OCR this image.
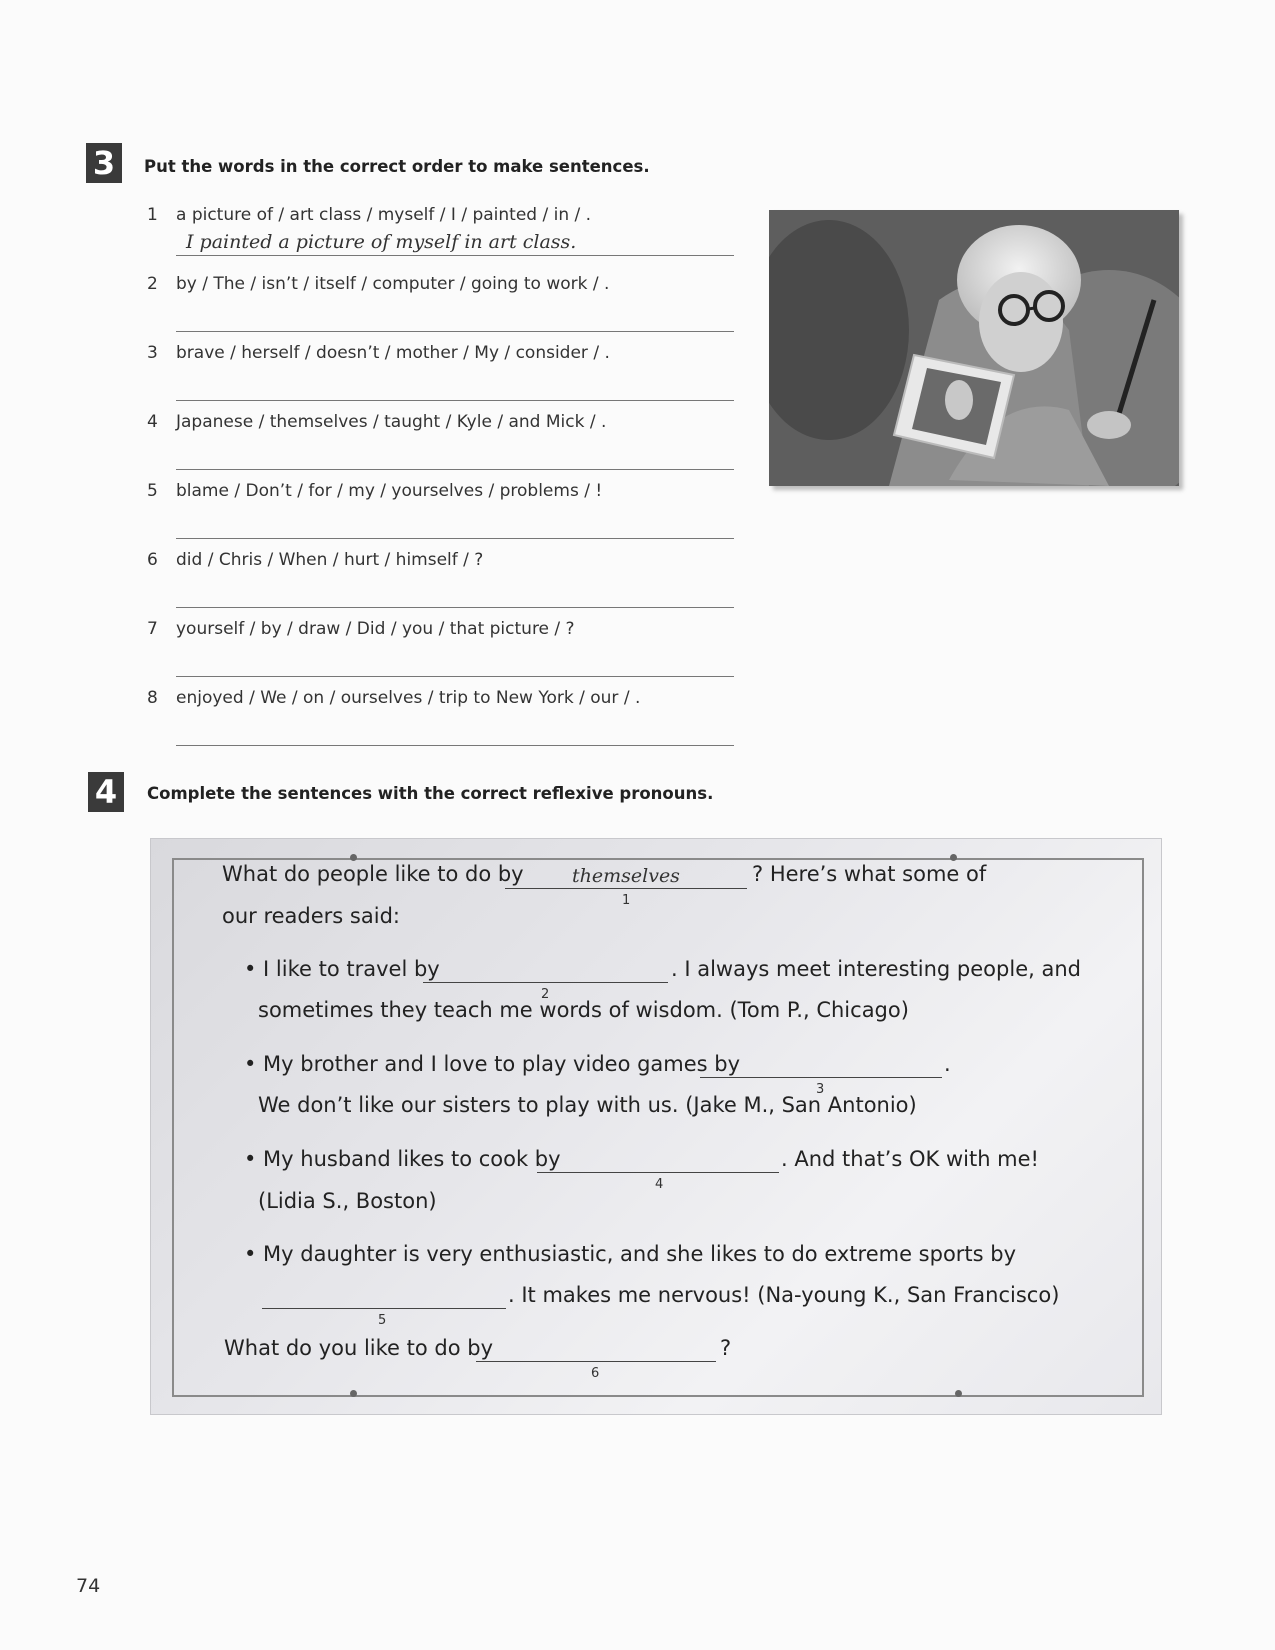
3	Put the words in the correct order to make sentences.
1 a picture of / art class / myself / I / painted / in / .
I painted a picture of myself in art class.
2 by / The / isn’t / itself / computer / going to work / .
3 brave / herself / doesn’t / mother / My / consider / .
4 Japanese / themselves / taught / Kyle / and Mick / .
5 blame / Don’t / for / my / yourselves / problems / !
6 did / Chris / When / hurt / himself / ?
7 yourself / by / draw / Did / you / that picture / ?
8 enjoyed / We / on / ourselves / trip to New York / our / .
4	Complete the sentences with the correct reflexive pronouns.
What do people like to do by	themselves
1
? Here’s what some of
our readers said:
• I like to travel by
2
. I always meet interesting people, and
sometimes they teach me words of wisdom. (Tom P., Chicago)
• My brother and I love to play video games by
3
.
We don’t like our sisters to play with us. (Jake M., San Antonio)
• My husband likes to cook by
4
. And that’s OK with me!
(Lidia S., Boston)
• My daughter is very enthusiastic, and she likes to do extreme sports by
5
. It makes me nervous! (Na-young K., San Francisco)
What do you like to do by
6
?
74
